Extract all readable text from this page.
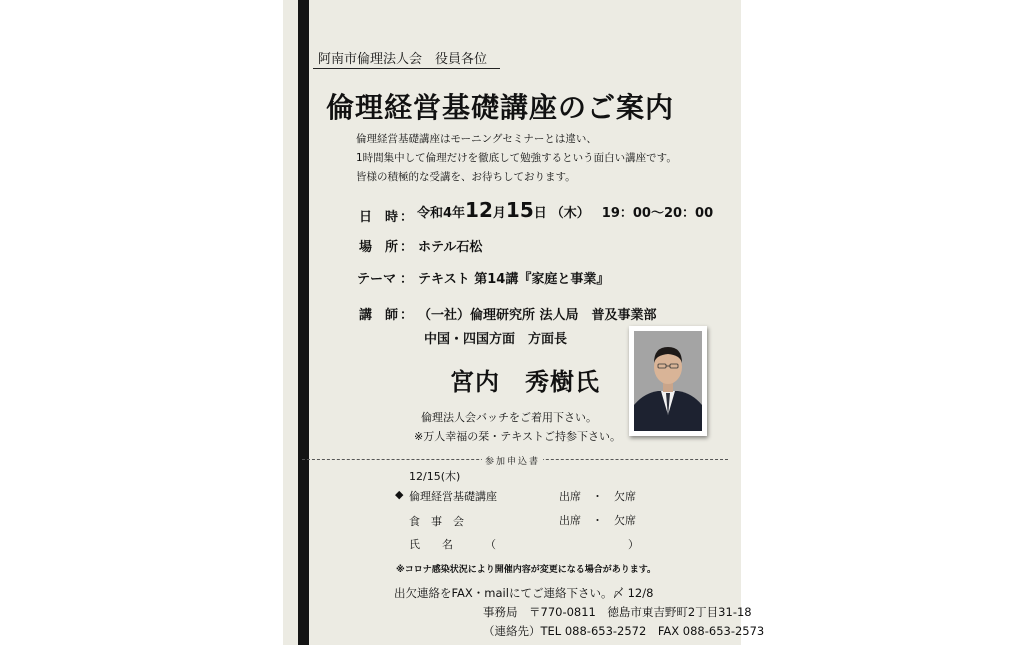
阿南市倫理法人会　役員各位
倫理経営基礎講座のご案内
倫理経営基礎講座はモーニングセミナーとは違い、
1時間集中して倫理だけを徹底して勉強するという面白い講座です。
皆様の積極的な受講を、お待ちしております。
日　時 ： 令和4年 12 月 15 日 （木） 19：00～20：00
場　所 ： ホテル石松
テーマ ： テキスト 第14講『家庭と事業』
講　師 ： （一社）倫理研究所 法人局　普及事業部
中国・四国方面　方面長
宮内　秀樹氏
倫理法人会バッチをご着用下さい。
※万人幸福の栞・テキストご持参下さい。
参加申込書
12/15(木)
◆ 倫理経営基礎講座	出席　・　欠席
食　事　会	出席　・　欠席
氏　　名	（	）
※コロナ感染状況により開催内容が変更になる場合があります。
出欠連絡をFAX・mailにてご連絡下さい。〆 12/8
事務局　〒770-0811　徳島市東吉野町2丁目31-18
（連絡先）TEL 088-653-2572　FAX 088-653-2573
